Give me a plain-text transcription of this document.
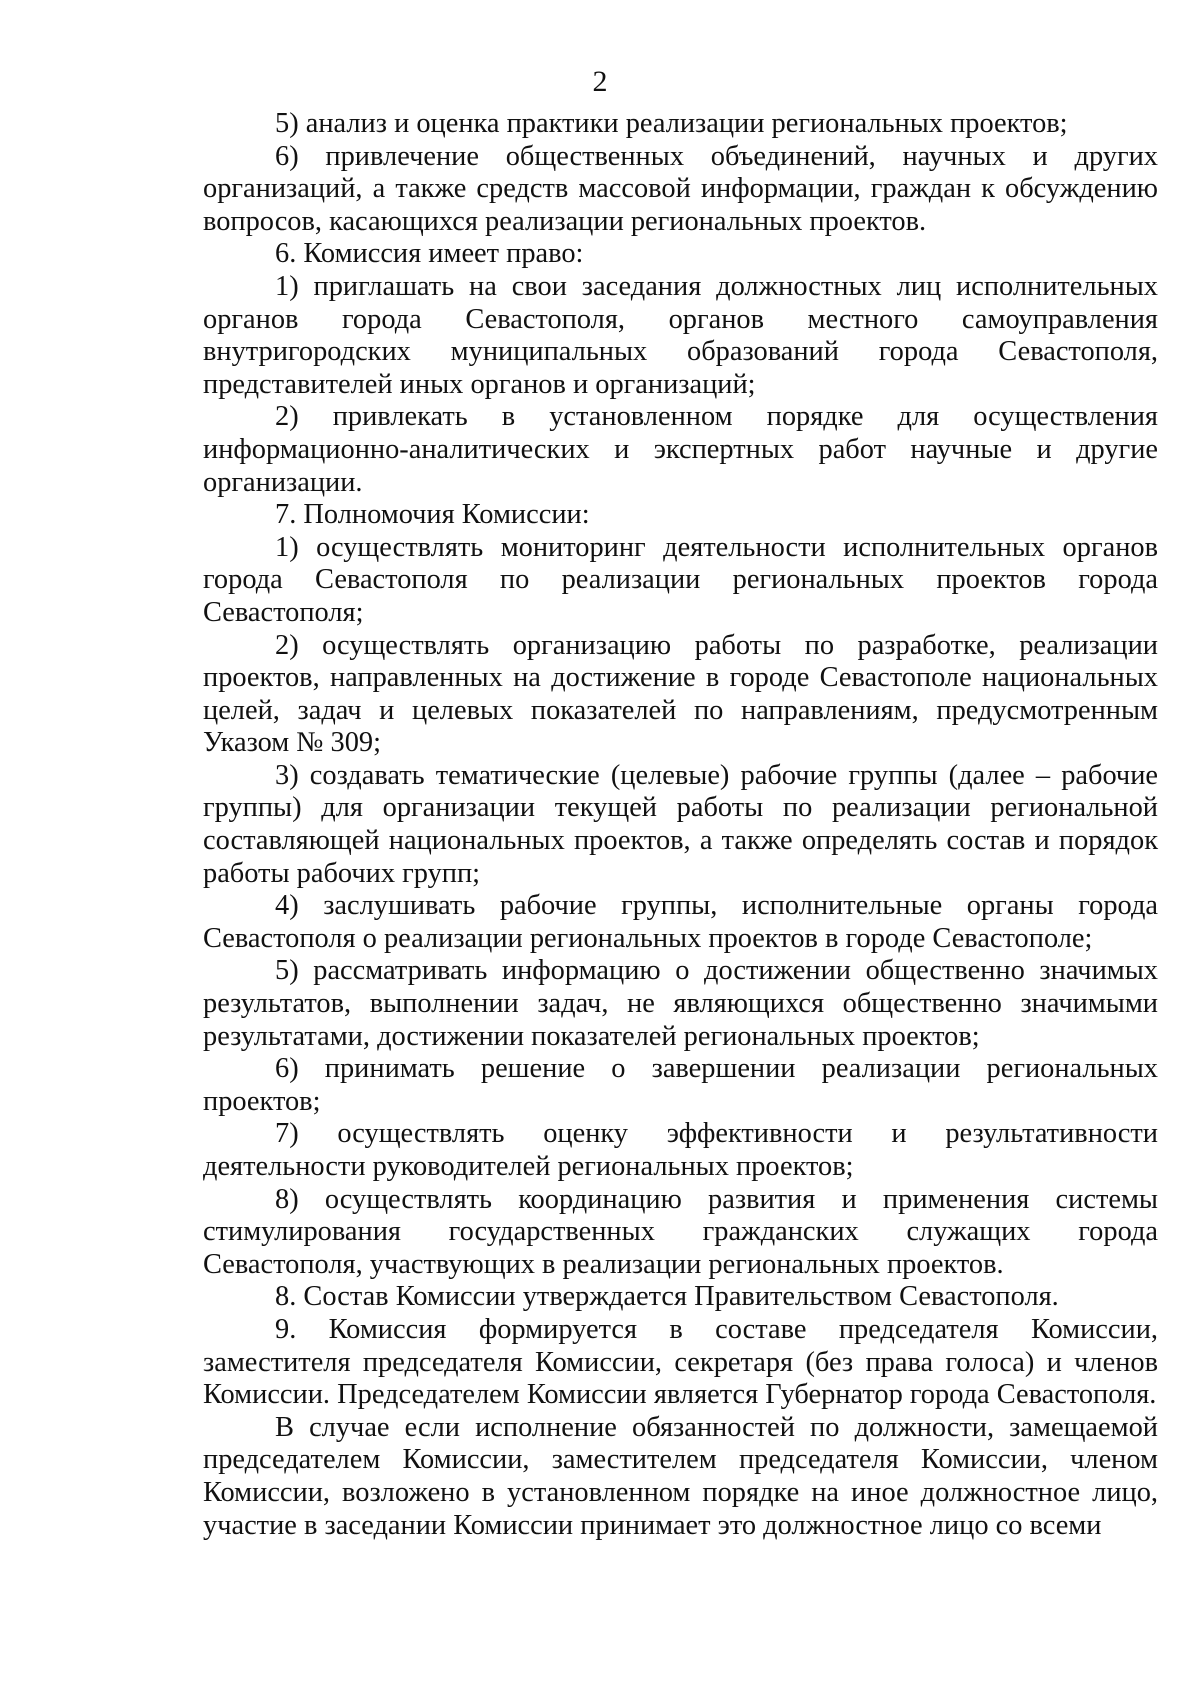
2

5) анализ и оценка практики реализации региональных проектов;

6) привлечение общественных объединений, научных и других организаций, а также средств массовой информации, граждан к обсуждению вопросов, касающихся реализации региональных проектов.

6. Комиссия имеет право:

1) приглашать на свои заседания должностных лиц исполнительных органов города Севастополя, органов местного самоуправления внутригородских муниципальных образований города Севастополя, представителей иных органов и организаций;

2) привлекать в установленном порядке для осуществления информационно-аналитических и экспертных работ научные и другие организации.

7. Полномочия Комиссии:

1) осуществлять мониторинг деятельности исполнительных органов города Севастополя по реализации региональных проектов города Севастополя;

2) осуществлять организацию работы по разработке, реализации проектов, направленных на достижение в городе Севастополе национальных целей, задач и целевых показателей по направлениям, предусмотренным Указом № 309;

3) создавать тематические (целевые) рабочие группы (далее – рабочие группы) для организации текущей работы по реализации региональной составляющей национальных проектов, а также определять состав и порядок работы рабочих групп;

4) заслушивать рабочие группы, исполнительные органы города Севастополя о реализации региональных проектов в городе Севастополе;

5) рассматривать информацию о достижении общественно значимых результатов, выполнении задач, не являющихся общественно значимыми результатами, достижении показателей региональных проектов;

6) принимать решение о завершении реализации региональных проектов;

7) осуществлять оценку эффективности и результативности деятельности руководителей региональных проектов;

8) осуществлять координацию развития и применения системы стимулирования государственных гражданских служащих города Севастополя, участвующих в реализации региональных проектов.

8. Состав Комиссии утверждается Правительством Севастополя.

9. Комиссия формируется в составе председателя Комиссии, заместителя председателя Комиссии, секретаря (без права голоса) и членов Комиссии. Председателем Комиссии является Губернатор города Севастополя.

В случае если исполнение обязанностей по должности, замещаемой председателем Комиссии, заместителем председателя Комиссии, членом Комиссии, возложено в установленном порядке на иное должностное лицо, участие в заседании Комиссии принимает это должностное лицо со всеми
